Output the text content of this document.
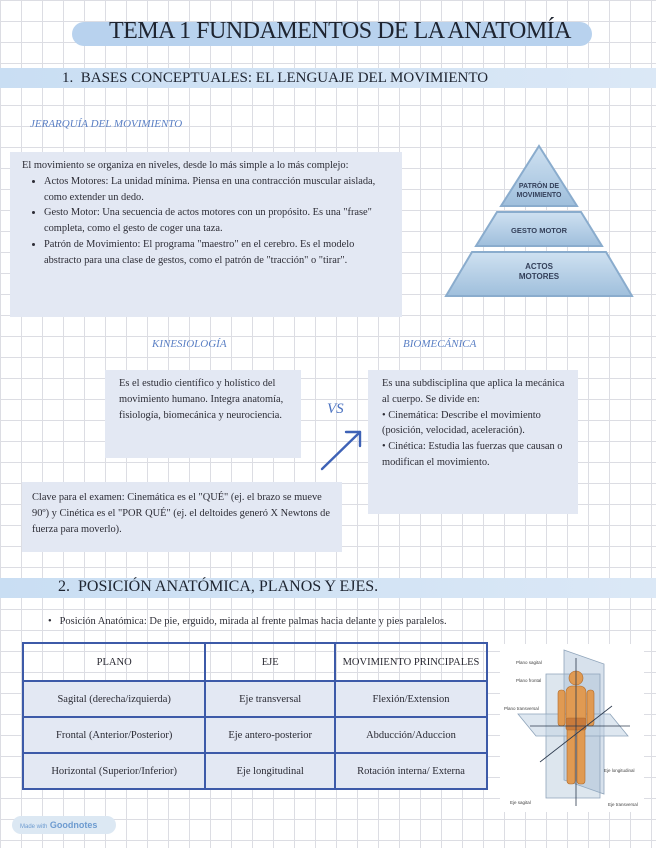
TEMA 1 FUNDAMENTOS DE LA ANATOMÍA
1. BASES CONCEPTUALES: EL LENGUAJE DEL MOVIMIENTO
JERARQUÍA DEL MOVIMIENTO
El movimiento se organiza en niveles, desde lo más simple a lo más complejo:
• Actos Motores: La unidad mínima. Piensa en una contracción muscular aislada, como extender un dedo.
• Gesto Motor: Una secuencia de actos motores con un propósito. Es una "frase" completa, como el gesto de coger una taza.
• Patrón de Movimiento: El programa "maestro" en el cerebro. Es el modelo abstracto para una clase de gestos, como el patrón de "tracción" o "tirar".
PATRÓN DE
MOVIMIENTO
GESTO MOTOR
ACTOS
MOTORES
KINESIOLOGÍA	BIOMECÁNICA
Es el estudio científico y holístico del movimiento humano. Integra anatomía, fisiología, biomecánica y neurociencia.	VS
Es una subdisciplina que aplica la mecánica al cuerpo. Se divide en:
• Cinemática: Describe el movimiento (posición, velocidad, aceleración).
• Cinética: Estudia las fuerzas que causan o modifican el movimiento.
Clave para el examen: Cinemática es el "QUÉ" (ej. el brazo se mueve 90º) y Cinética es el "POR QUÉ" (ej. el deltoides generó X Newtons de fuerza para moverlo).
2. POSICIÓN ANATÓMICA, PLANOS Y EJES.
•   Posición Anatómica: De pie, erguido, mirada al frente palmas hacia delante y pies paralelos.
PLANO	EJE	MOVIMIENTO PRINCIPALES
Sagital (derecha/izquierda)	Eje transversal	Flexión/Extension
Frontal (Anterior/Posterior)	Eje antero-posterior	Abducción/Aduccion
Horizontal (Superior/Inferior)	Eje longitudinal	Rotación interna/ Externa
Plano sagital
Plano frontal
Plano transversal
Eje longitudinal
Eje sagital	Eje transversal
Made with Goodnotes
